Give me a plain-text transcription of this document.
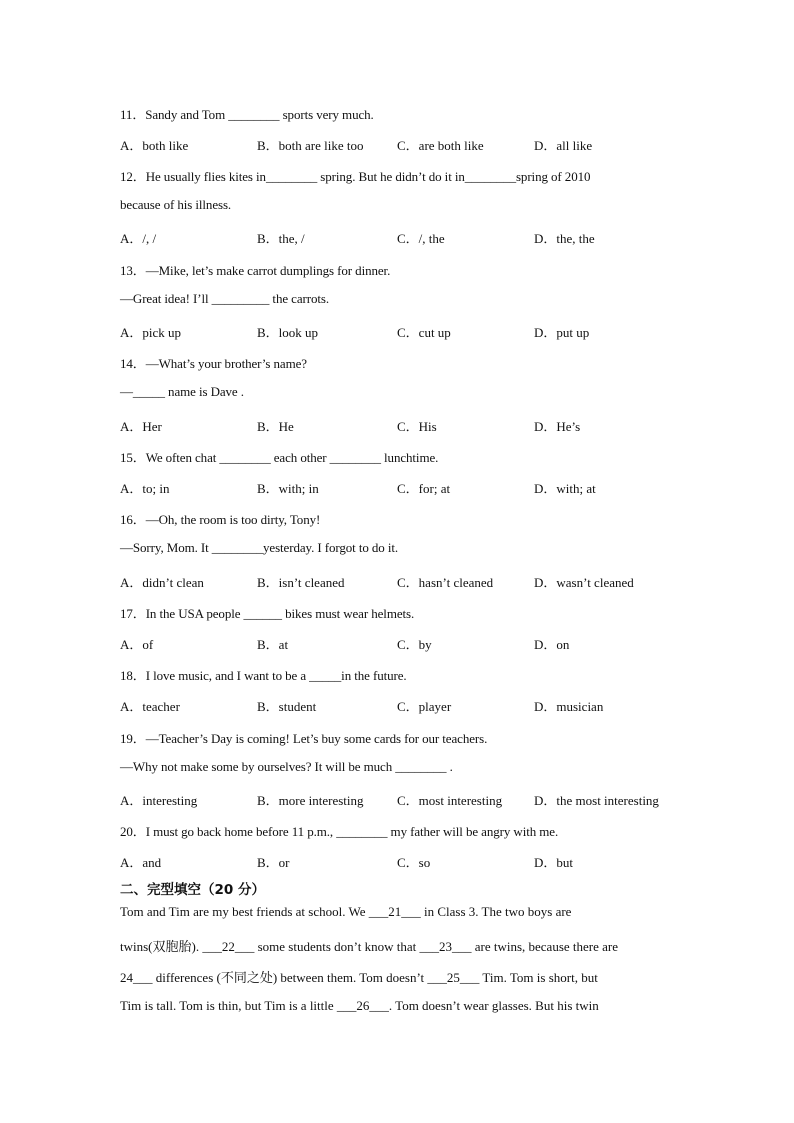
11．Sandy and Tom ________ sports very much.
A．both like	B．both are like too	C．are both like	D．all like
12．He usually flies kites in________ spring. But he didn’t do it in________spring of 2010
because of his illness.
A．/, /	B．the, /	C．/, the	D．the, the
13．—Mike, let’s make carrot dumplings for dinner.
—Great idea! I’ll _________ the carrots.
A．pick up	B．look up	C．cut up	D．put up
14．—What’s your brother’s name?
—_____ name is Dave .
A．Her	B．He	C．His	D．He’s
15．We often chat ________ each other ________ lunchtime.
A．to; in	B．with; in	C．for; at	D．with; at
16．—Oh, the room is too dirty, Tony!
—Sorry, Mom. It ________yesterday. I forgot to do it.
A．didn’t clean	B．isn’t cleaned	C．hasn’t cleaned	D．wasn’t cleaned
17．In the USA people ______ bikes must wear helmets.
A．of	B．at	C．by	D．on
18．I love music, and I want to be a _____in the future.
A．teacher	B．student	C．player	D．musician
19．—Teacher’s Day is coming! Let’s buy some cards for our teachers.
—Why not make some by ourselves? It will be much ________ .
A．interesting	B．more interesting	C．most interesting D．the most interesting
20．I must go back home before 11 p.m., ________ my father will be angry with me.
A．and	B．or	C．so	D．but
二、完型填空（20 分）
Tom and Tim are my best friends at school. We ___21___ in Class 3. The two boys are
twins(双胞胎). ___22___ some students don’t know that ___23___ are twins, because there are
24___ differences (不同之处) between them. Tom doesn’t ___25___ Tim. Tom is short, but
Tim is tall. Tom is thin, but Tim is a little ___26___. Tom doesn’t wear glasses. But his twin
